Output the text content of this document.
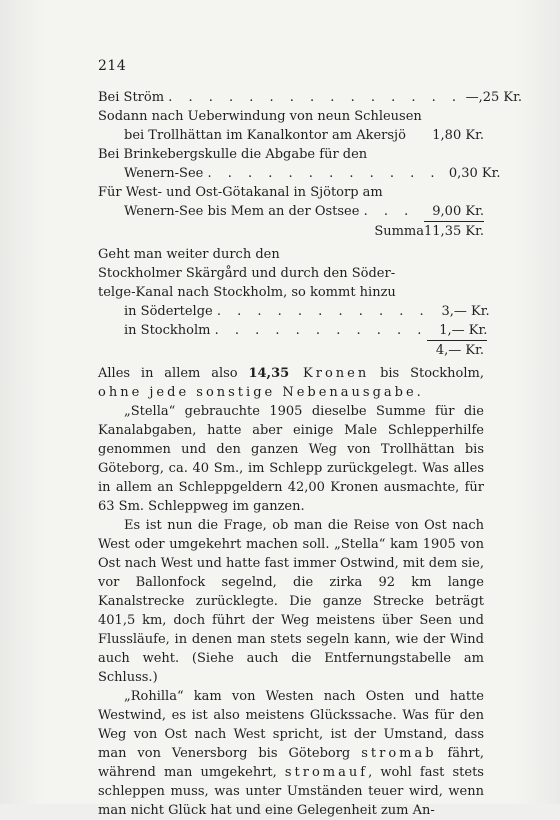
214
Bei Ström . . . . . . . . . . . . . . . —,25 Kr.
Sodann nach Ueberwindung von neun Schleusen
bei Trollhättan im Kanalkontor am Akersjö	1,80 Kr.
Bei Brinkebergskulle die Abgabe für den
Wenern-See . . . . . . . . . . . . 0,30 Kr.
Für West- und Ost-Götakanal in Sjötorp am
Wenern-See bis Mem an der Ostsee . . .	9,00 Kr.
Summa 11,35 Kr.
Geht man weiter durch den
Stockholmer Skärgård und durch den Söder-
telge-Kanal nach Stockholm, so kommt hinzu
in Södertelge . . . . . . . . . . . 3,— Kr.
in Stockholm . . . . . . . . . . . 1,— Kr.
4,— Kr.

Alles in allem also 14,35 Kronen bis Stockholm, ohne jede sonstige Nebenausgabe.

„Stella“ gebrauchte 1905 dieselbe Summe für die Kanalabgaben, hatte aber einige Male Schlepperhilfe genommen und den ganzen Weg von Trollhättan bis Göteborg, ca. 40 Sm., im Schlepp zurückgelegt. Was alles in allem an Schleppgeldern 42,00 Kronen ausmachte, für 63 Sm. Schleppweg im ganzen.

Es ist nun die Frage, ob man die Reise von Ost nach West oder umgekehrt machen soll. „Stella“ kam 1905 von Ost nach West und hatte fast immer Ostwind, mit dem sie, vor Ballonfock segelnd, die zirka 92 km lange Kanalstrecke zurücklegte. Die ganze Strecke beträgt 401,5 km, doch führt der Weg meistens über Seen und Flussläufe, in denen man stets segeln kann, wie der Wind auch weht. (Siehe auch die Entfernungstabelle am Schluss.)

„Rohilla“ kam von Westen nach Osten und hatte Westwind, es ist also meistens Glückssache. Was für den Weg von Ost nach West spricht, ist der Umstand, dass man von Venersborg bis Göteborg stromab fährt, während man umgekehrt, stromauf, wohl fast stets schleppen muss, was unter Umständen teuer wird, wenn man nicht Glück hat und eine Gelegenheit zum An-
